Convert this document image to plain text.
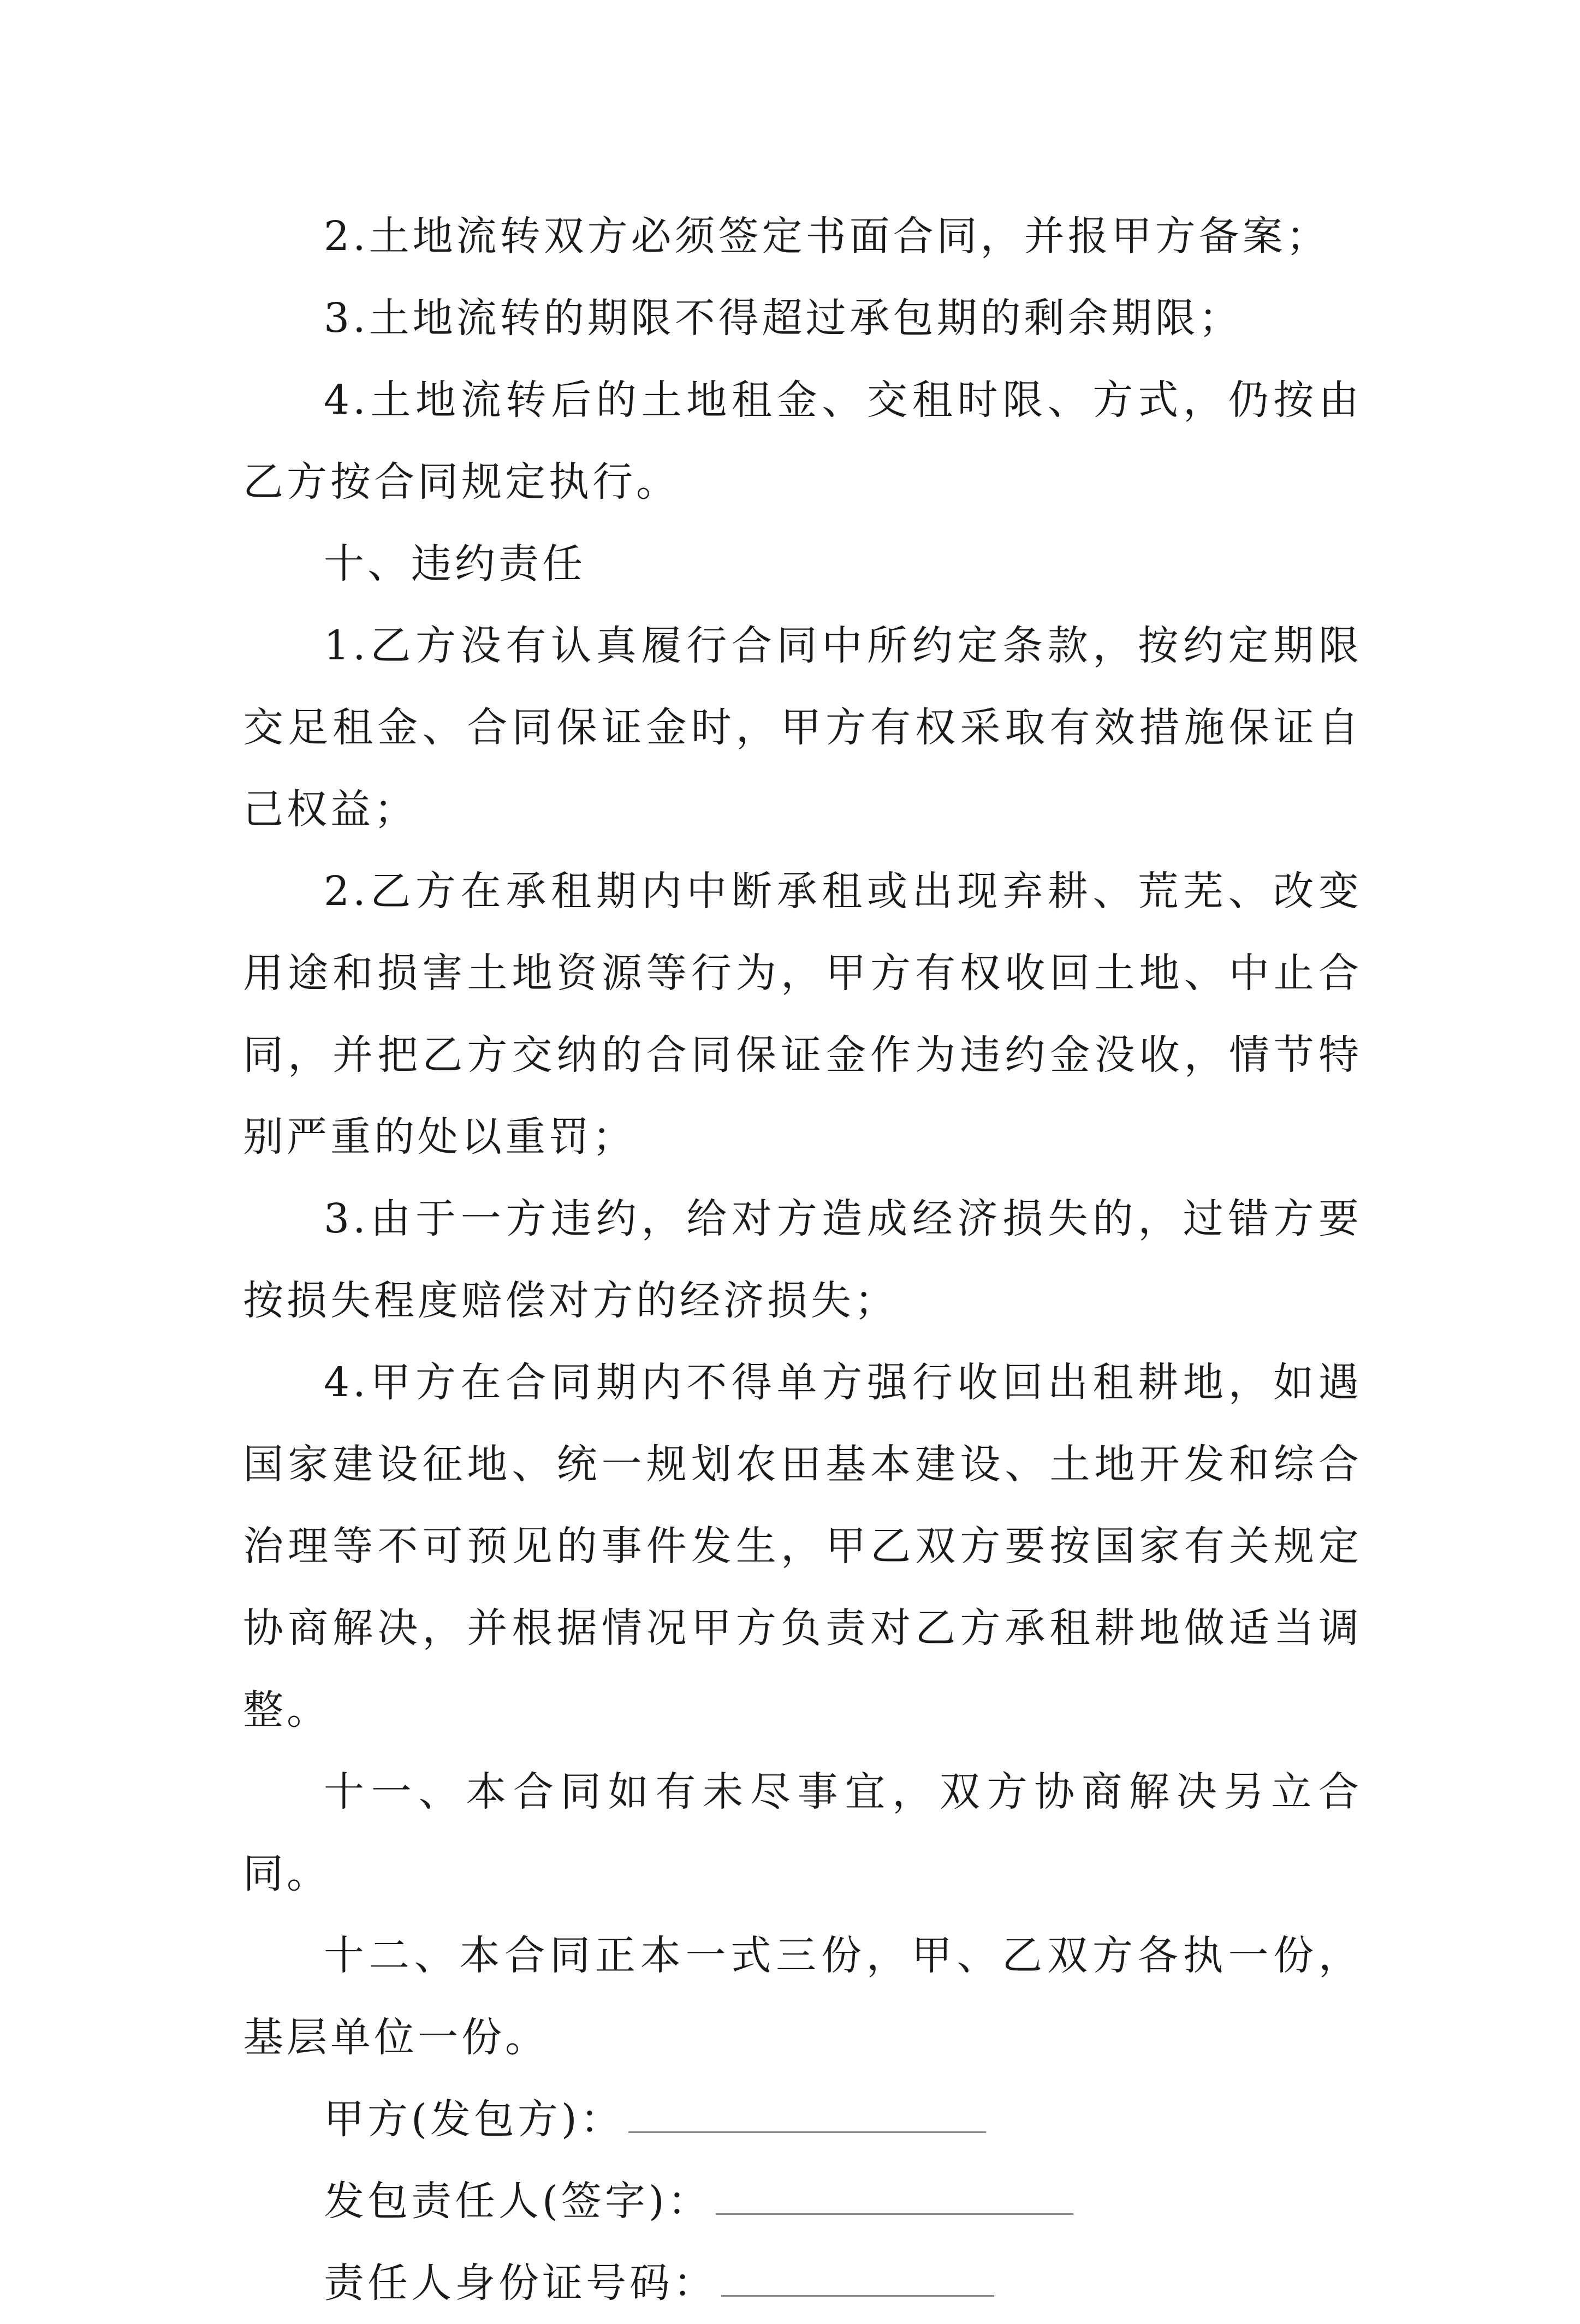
2.土地流转双方必须签定书面合同，并报甲方备案；

3.土地流转的期限不得超过承包期的剩余期限；

4.土地流转后的土地租金、交租时限、方式，仍按由乙方按合同规定执行。

十、违约责任

1.乙方没有认真履行合同中所约定条款，按约定期限交足租金、合同保证金时，甲方有权采取有效措施保证自己权益；

2.乙方在承租期内中断承租或出现弃耕、荒芜、改变用途和损害土地资源等行为，甲方有权收回土地、中止合同，并把乙方交纳的合同保证金作为违约金没收，情节特别严重的处以重罚；

3.由于一方违约，给对方造成经济损失的，过错方要按损失程度赔偿对方的经济损失；

4.甲方在合同期内不得单方强行收回出租耕地，如遇国家建设征地、统一规划农田基本建设、土地开发和综合治理等不可预见的事件发生，甲乙双方要按国家有关规定协商解决，并根据情况甲方负责对乙方承租耕地做适当调整。

十一、本合同如有未尽事宜，双方协商解决另立合同。

十二、本合同正本一式三份，甲、乙双方各执一份，基层单位一份。

甲方(发包方)：

发包责任人(签字)：

责任人身份证号码：
